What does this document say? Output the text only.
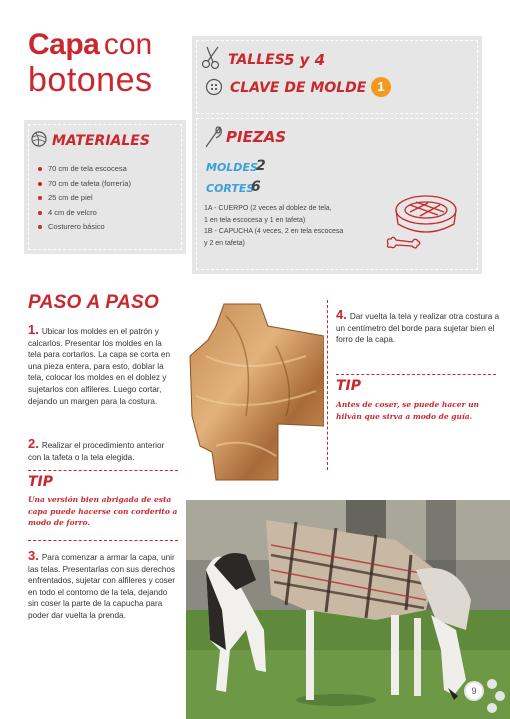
Capa con
botones
TALLES 5 y 4
CLAVE DE MOLDE 1
MATERIALES
70 cm de tela escocesa
70 cm de tafeta (forrería)
25 cm de piel
4 cm de velcro
Costurero básico
PIEZAS
MOLDES
2
CORTES
6
1A - CUERPO (2 veces al doblez de tela,
1 en tela escocesa y 1 en tafeta)
1B - CAPUCHA (4 veces, 2 en tela escocesa
y 2 en tafeta)
PASO A PASO
1. Ubicar los moldes en el patrón y calcarlos. Presentar los moldes en la tela para cortarlos. La capa se corta en una pieza entera, para esto, doblar la tela, colocar los moldes en el doblez y sujetarlos con alfileres. Luego cortar, dejando un margen para la costura.
2. Realizar el procedimiento anterior con la tafeta o la tela elegida.
TIP
Una versión bien abrigada de esta capa puede hacerse con corderito a modo de forro.
3. Para comenzar a armar la capa, unir las telas. Presentarlas con sus derechos enfrentados, sujetar con alfileres y coser en todo el contorno de la tela, dejando sin coser la parte de la capucha para poder dar vuelta la prenda.
4. Dar vuelta la tela y realizar otra costura a un centímetro del borde para sujetar bien el forro de la capa.
TIP
Antes de coser, se puede hacer un hilván que sirva a modo de guía.
9
